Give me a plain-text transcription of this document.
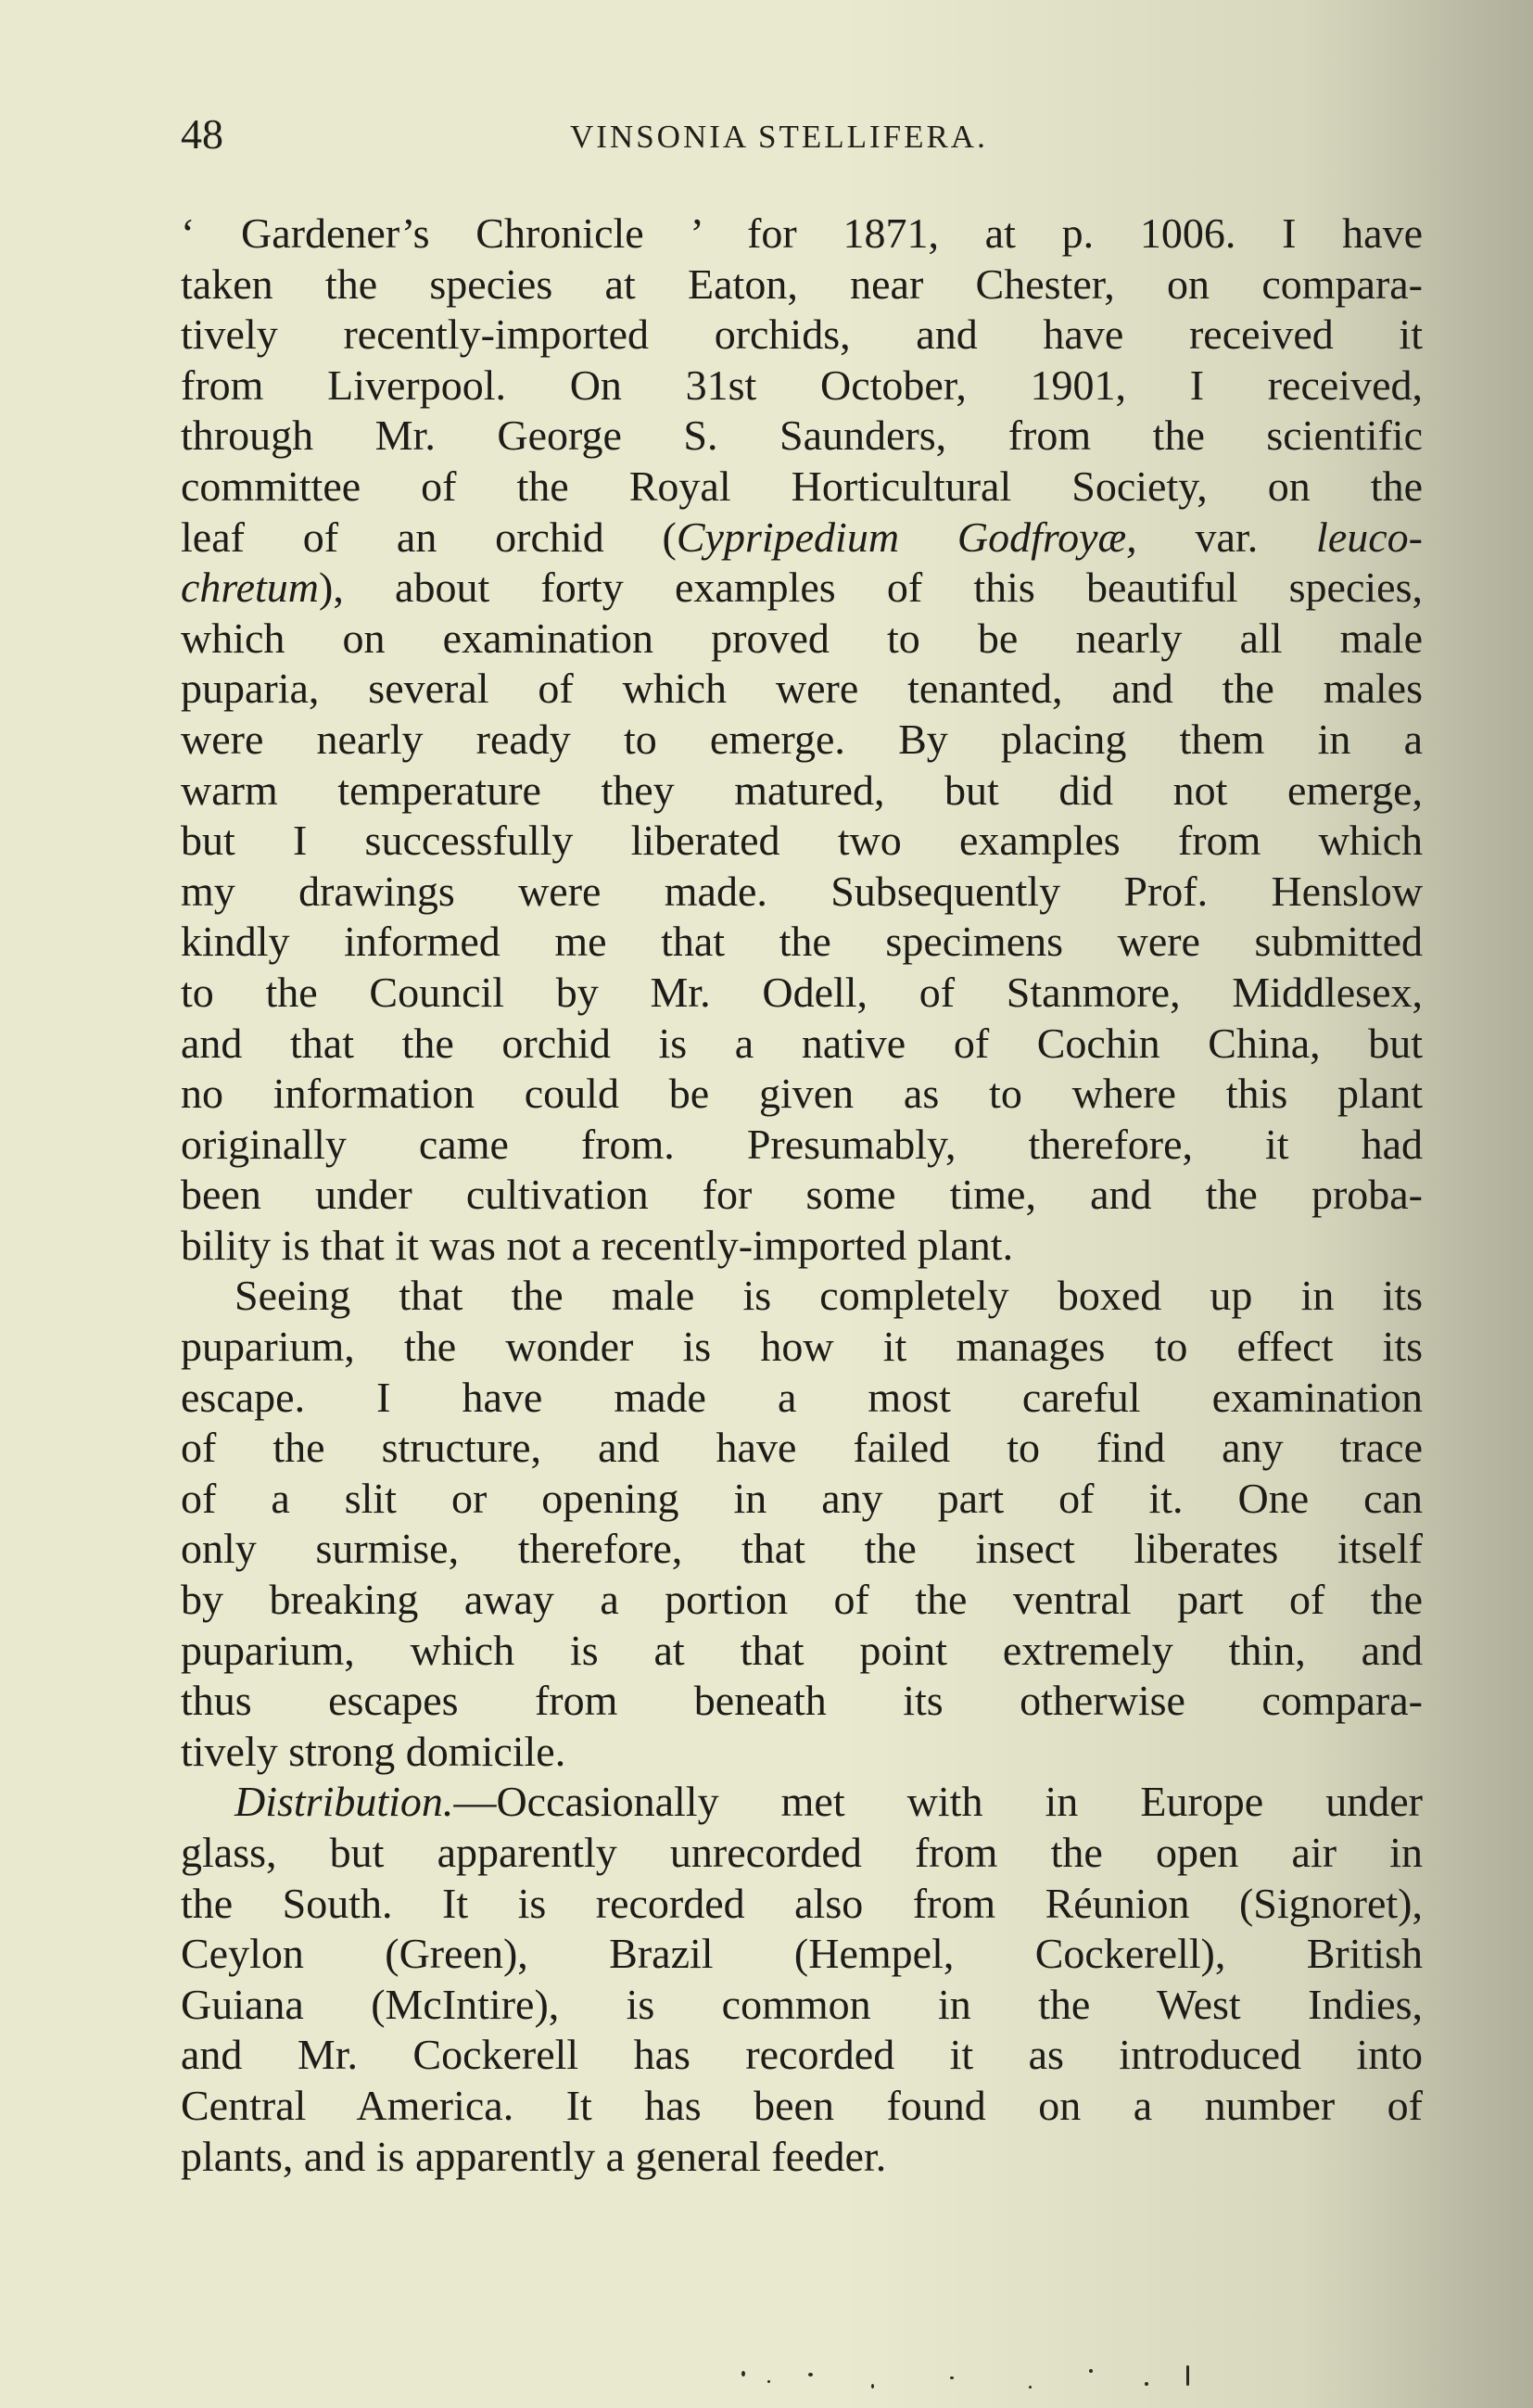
48	VINSONIA STELLIFERA.
‘ Gardener’s Chronicle ’ for 1871, at p. 1006. I have
taken the species at Eaton, near Chester, on compara-
tively recently-imported orchids, and have received it
from Liverpool. On 31st October, 1901, I received,
through Mr. George S. Saunders, from the scientific
committee of the Royal Horticultural Society, on the
leaf of an orchid (Cypripedium Godfroyæ, var. leuco-
chretum), about forty examples of this beautiful species,
which on examination proved to be nearly all male
puparia, several of which were tenanted, and the males
were nearly ready to emerge. By placing them in a
warm temperature they matured, but did not emerge,
but I successfully liberated two examples from which
my drawings were made. Subsequently Prof. Henslow
kindly informed me that the specimens were submitted
to the Council by Mr. Odell, of Stanmore, Middlesex,
and that the orchid is a native of Cochin China, but
no information could be given as to where this plant
originally came from. Presumably, therefore, it had
been under cultivation for some time, and the proba-
bility is that it was not a recently-imported plant.
Seeing that the male is completely boxed up in its
puparium, the wonder is how it manages to effect its
escape. I have made a most careful examination
of the structure, and have failed to find any trace
of a slit or opening in any part of it. One can
only surmise, therefore, that the insect liberates itself
by breaking away a portion of the ventral part of the
puparium, which is at that point extremely thin, and
thus escapes from beneath its otherwise compara-
tively strong domicile.
Distribution.—Occasionally met with in Europe under
glass, but apparently unrecorded from the open air in
the South. It is recorded also from Réunion (Signoret),
Ceylon (Green), Brazil (Hempel, Cockerell), British
Guiana (McIntire), is common in the West Indies,
and Mr. Cockerell has recorded it as introduced into
Central America. It has been found on a number of
plants, and is apparently a general feeder.
